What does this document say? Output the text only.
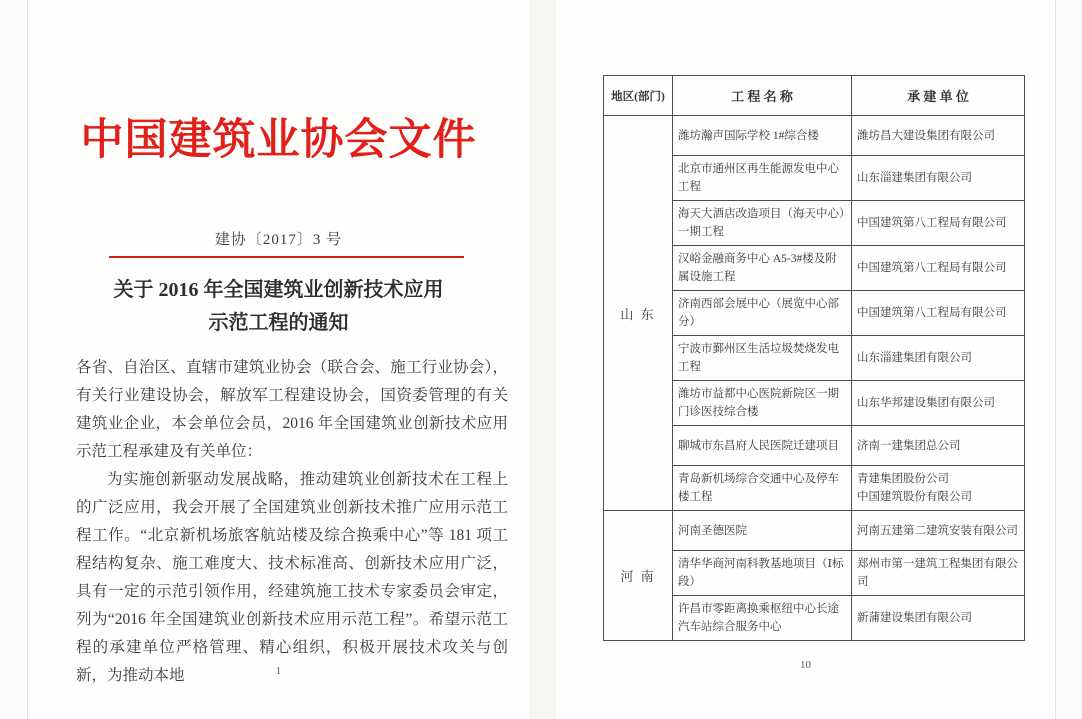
中国建筑业协会文件
建协〔2017〕3 号
关于 2016 年全国建筑业创新技术应用
示范工程的通知

各省、自治区、直辖市建筑业协会（联合会、施工行业协会），有关行业建设协会，解放军工程建设协会，国资委管理的有关建筑业企业，本会单位会员，2016 年全国建筑业创新技术应用示范工程承建及有关单位：

为实施创新驱动发展战略，推动建筑业创新技术在工程上的广泛应用，我会开展了全国建筑业创新技术推广应用示范工程工作。“北京新机场旅客航站楼及综合换乘中心”等 181 项工程结构复杂、施工难度大、技术标准高、创新技术应用广泛，具有一定的示范引领作用，经建筑施工技术专家委员会审定，列为“2016 年全国建筑业创新技术应用示范工程”。希望示范工程的承建单位严格管理、精心组织，积极开展技术攻关与创新，为推动本地	1
地区(部门)	工 程 名 称	承 建 单 位
山 东	潍坊瀚声国际学校 1#综合楼	潍坊昌大建设集团有限公司
	北京市通州区再生能源发电中心工程	山东淄建集团有限公司
	海天大酒店改造项目（海天中心）一期工程	中国建筑第八工程局有限公司
	汉峪金融商务中心 A5-3#楼及附属设施工程	中国建筑第八工程局有限公司
	济南西部会展中心（展览中心部分）	中国建筑第八工程局有限公司
	宁波市鄞州区生活垃圾焚烧发电工程	山东淄建集团有限公司
	潍坊市益都中心医院新院区一期门诊医技综合楼	山东华邦建设集团有限公司
	聊城市东昌府人民医院迁建项目	济南一建集团总公司
	青岛新机场综合交通中心及停车楼工程	青建集团股份公司
中国建筑股份有限公司

河 南	河南圣德医院	河南五建第二建筑安装有限公司
	清华华商河南科教基地项目（Ⅰ标段）	郑州市第一建筑工程集团有限公司
	许昌市零距离换乘枢纽中心长途汽车站综合服务中心	新蒲建设集团有限公司
10
